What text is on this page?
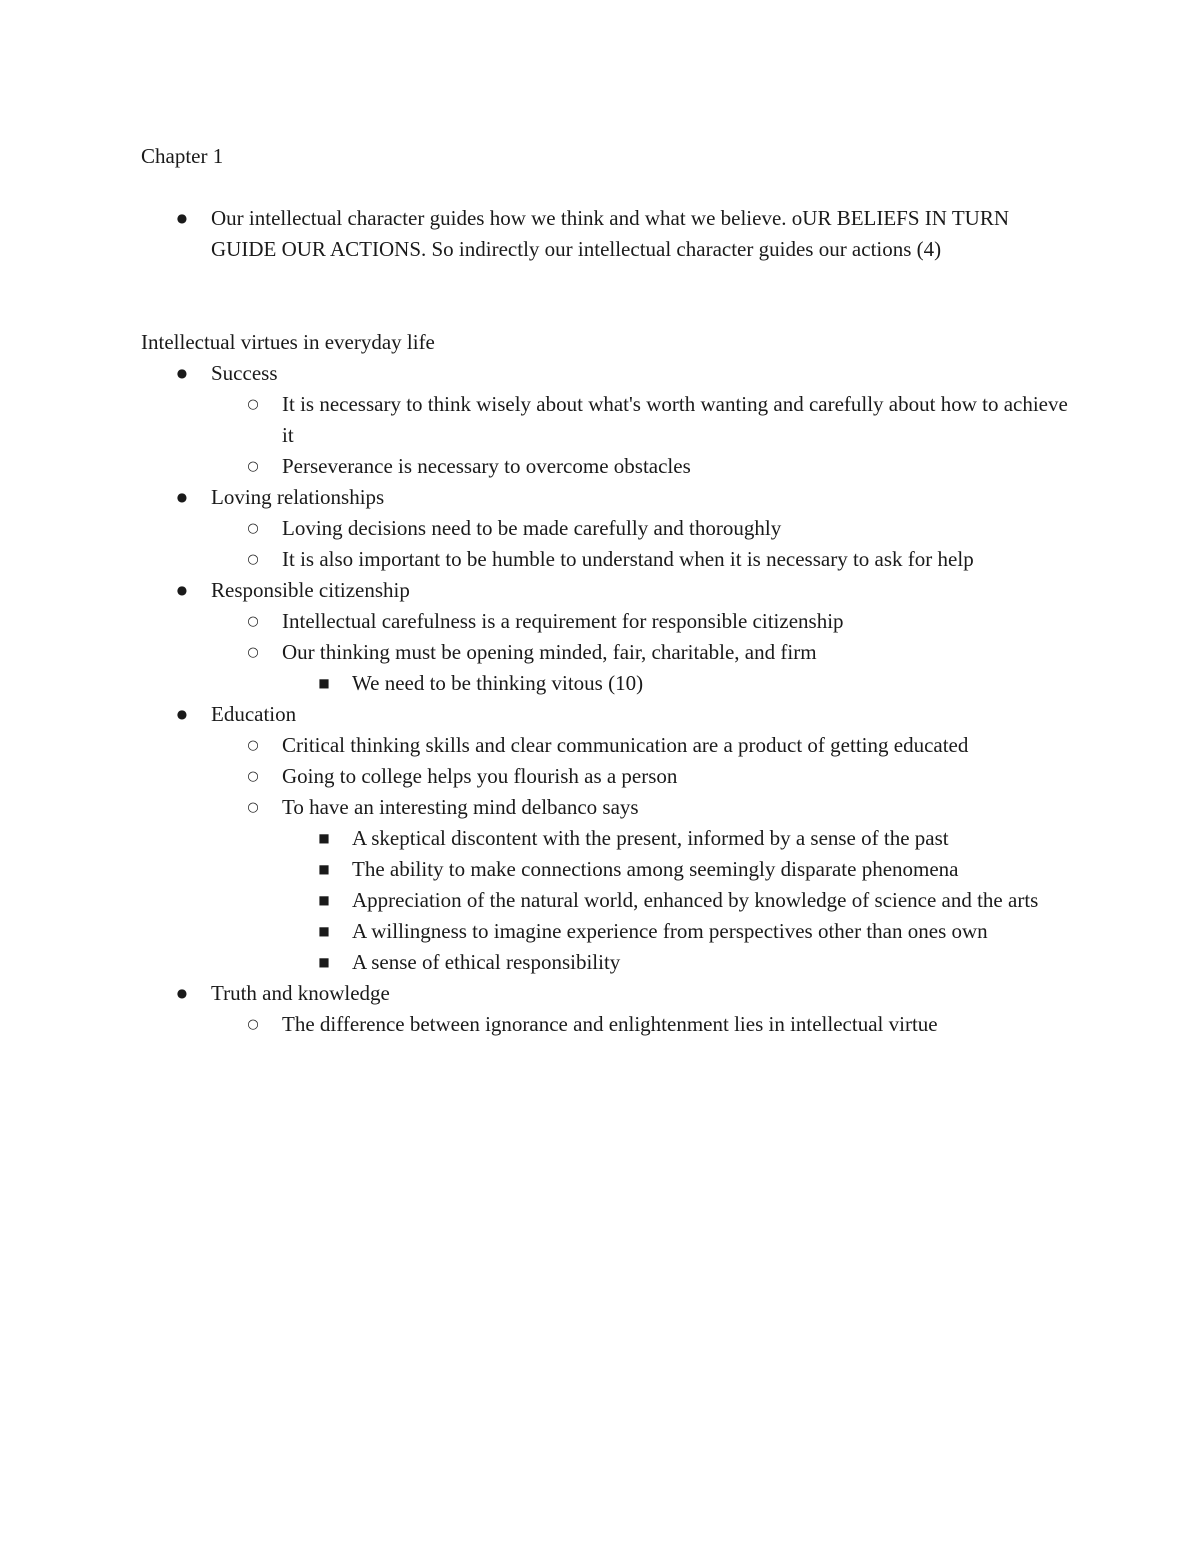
Chapter 1
● Our intellectual character guides how we think and what we believe. oUR BELIEFS IN TURN GUIDE OUR ACTIONS. So indirectly our intellectual character guides our actions (4)
Intellectual virtues in everyday life
● Success
○ It is necessary to think wisely about what's worth wanting and carefully about how to achieve it
○ Perseverance is necessary to overcome obstacles
● Loving relationships
○ Loving decisions need to be made carefully and thoroughly
○ It is also important to be humble to understand when it is necessary to ask for help
● Responsible citizenship
○ Intellectual carefulness is a requirement for responsible citizenship
○ Our thinking must be opening minded, fair, charitable, and firm
■ We need to be thinking vitous (10)
● Education
○ Critical thinking skills and clear communication are a product of getting educated
○ Going to college helps you flourish as a person
○ To have an interesting mind delbanco says
■ A skeptical discontent with the present, informed by a sense of the past
■ The ability to make connections among seemingly disparate phenomena
■ Appreciation of the natural world, enhanced by knowledge of science and the arts
■ A willingness to imagine experience from perspectives other than ones own
■ A sense of ethical responsibility
● Truth and knowledge
○ The difference between ignorance and enlightenment lies in intellectual virtue
